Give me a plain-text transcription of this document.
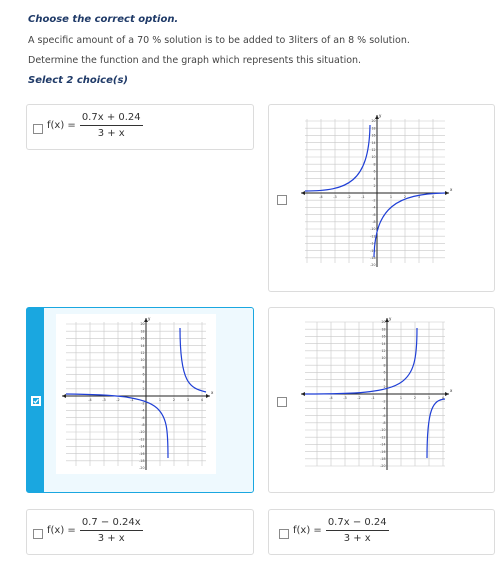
Choose the correct option.
A specific amount of a 70 % solution is to be added to 3liters of an 8 % solution.
Determine the function and the graph which represents this situation.
Select 2 choice(s)
$f(x) = \frac{0.7x + 0.24}{3 + x}$
-4	-3	-2	-1	1	2	3	4
20
18
16
14
12
10
8
6
4
2
-2
-4
-6
-8
-10
-12
-14
-16
-18
-20
x
y
-4	-3	-2	-1	1	2	3	4
20
18
16
14
12
10
8
6
4
2
-2
-4
-6
-8
-10
-12
-14
-16
-18
-20
x
y
-4	-3	-2	-1	1	2	3	4
20
18
16
14
12
10
8
6
4
2
-2
-4
-6
-8
-10
-12
-14
-16
-18
-20
x
y
$f(x) = \frac{0.7 - 0.24x}{3 + x}$	$f(x) = \frac{0.7x - 0.24}{3 + x}$
